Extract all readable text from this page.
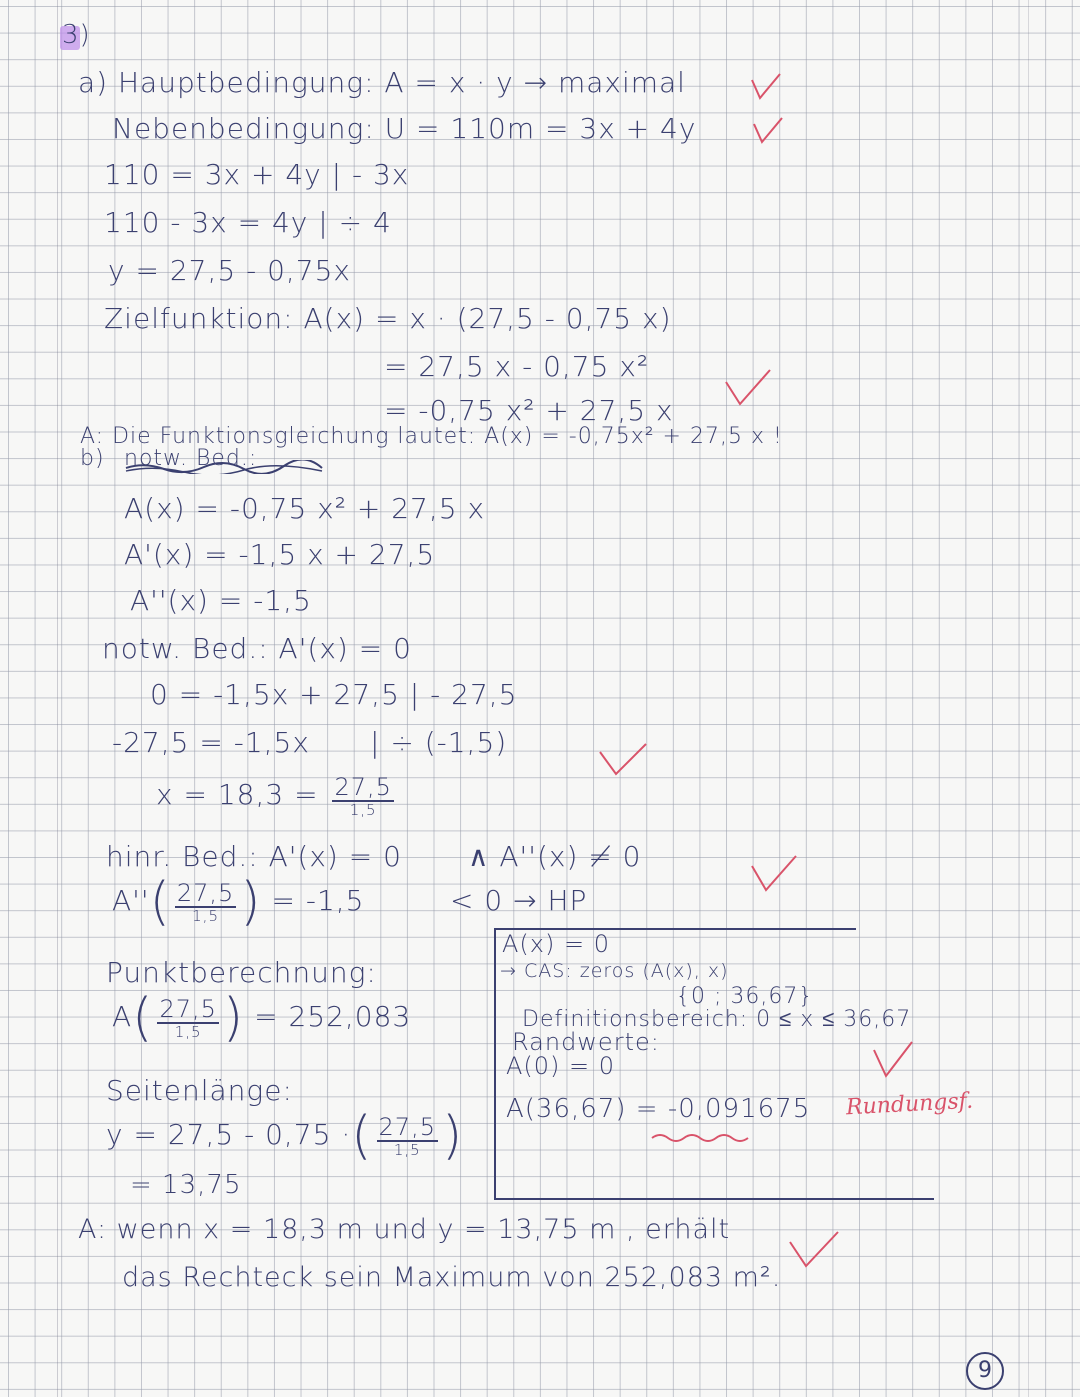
3)
a) Hauptbedingung: A = x · y → maximal
Nebenbedingung: U = 110m = 3x + 4y
110 = 3x + 4y | - 3x
110 - 3x = 4y | ÷ 4
y = 27,5 - 0,75x
Zielfunktion: A(x) = x · (27,5 - 0,75 x)
= 27,5 x - 0,75 x²
= -0,75 x² + 27,5 x
A: Die Funktionsgleichung lautet: A(x) = -0,75x² + 27,5 x !
b) notw. Bed.:
A(x) = -0,75 x² + 27,5 x
A'(x) = -1,5 x + 27,5
A''(x) = -1,5
notw. Bed.: A'(x) = 0
0 = -1,5x + 27,5 | - 27,5
-27,5 = -1,5x | ÷ (-1,5)
$x = 18,3 = \frac{27,5}{1,5}$
hinr. Bed.: A'(x) = 0 ∧ A''(x) ≠ 0
$A''( \frac{27,5}{1,5}$ ) = -1,5	< 0 → HP
Punktberechnung:
$A( \frac{27,5}{1,5}$ ) = 252,083
Seitenlänge:
y = 27,5 - 0,75 ·( $\frac{27,5}{1,5}$ )
= 13,75
A: wenn x = 18,3 m und y = 13,75 m , erhält
das Rechteck sein Maximum von 252,083 m².
A(x) = 0
→ CAS: zeros (A(x), x)
{0 ; 36,67}
Definitionsbereich: 0 ≤ x ≤ 36,67
Randwerte:
A(0) = 0
A(36,67) = -0,091675 Rundungsf.
9
